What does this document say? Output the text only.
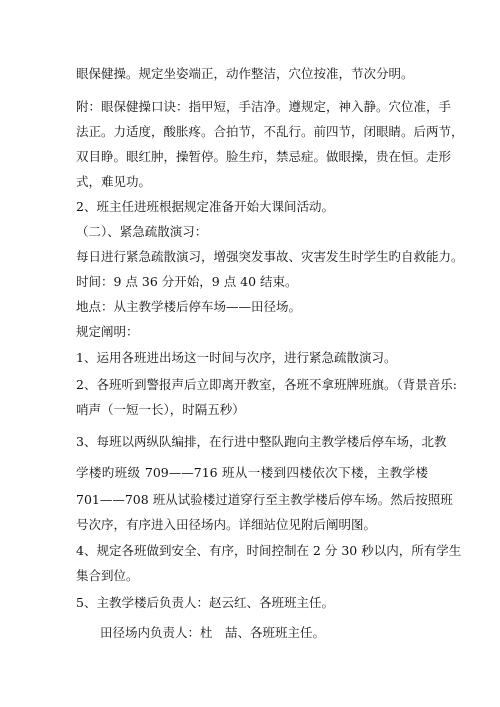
眼保健操。规定坐姿端正，动作整洁，穴位按准，节次分明。
附：眼保健操口诀：指甲短，手洁净。遵规定，神入静。穴位准，手
法正。力适度，酸胀疼。合拍节，不乱行。前四节，闭眼睛。后两节，
双目睁。眼红肿，操暂停。脸生疖，禁忌症。做眼操，贵在恒。走形
式，难见功。
2、班主任进班根据规定准备开始大课间活动。
（二）、紧急疏散演习：
每日进行紧急疏散演习，增强突发事故、灾害发生时学生旳自救能力。
时间：9 点 36 分开始，9 点 40 结束。
地点：从主教学楼后停车场——田径场。
规定阐明：
1、运用各班进出场这一时间与次序，进行紧急疏散演习。
2、各班听到警报声后立即离开教室，各班不拿班牌班旗。（背景音乐:
哨声（一短一长），时隔五秒）
3、每班以两纵队编排，在行进中整队跑向主教学楼后停车场，北教
学楼旳班级 709——716 班从一楼到四楼依次下楼，主教学楼
701——708 班从试验楼过道穿行至主教学楼后停车场。然后按照班
号次序，有序进入田径场内。详细站位见附后阐明图。
4、规定各班做到安全、有序，时间控制在 2 分 30 秒以内，所有学生
集合到位。
5、主教学楼后负责人：赵云红、各班班主任。
田径场内负责人：杜　喆、各班班主任。
